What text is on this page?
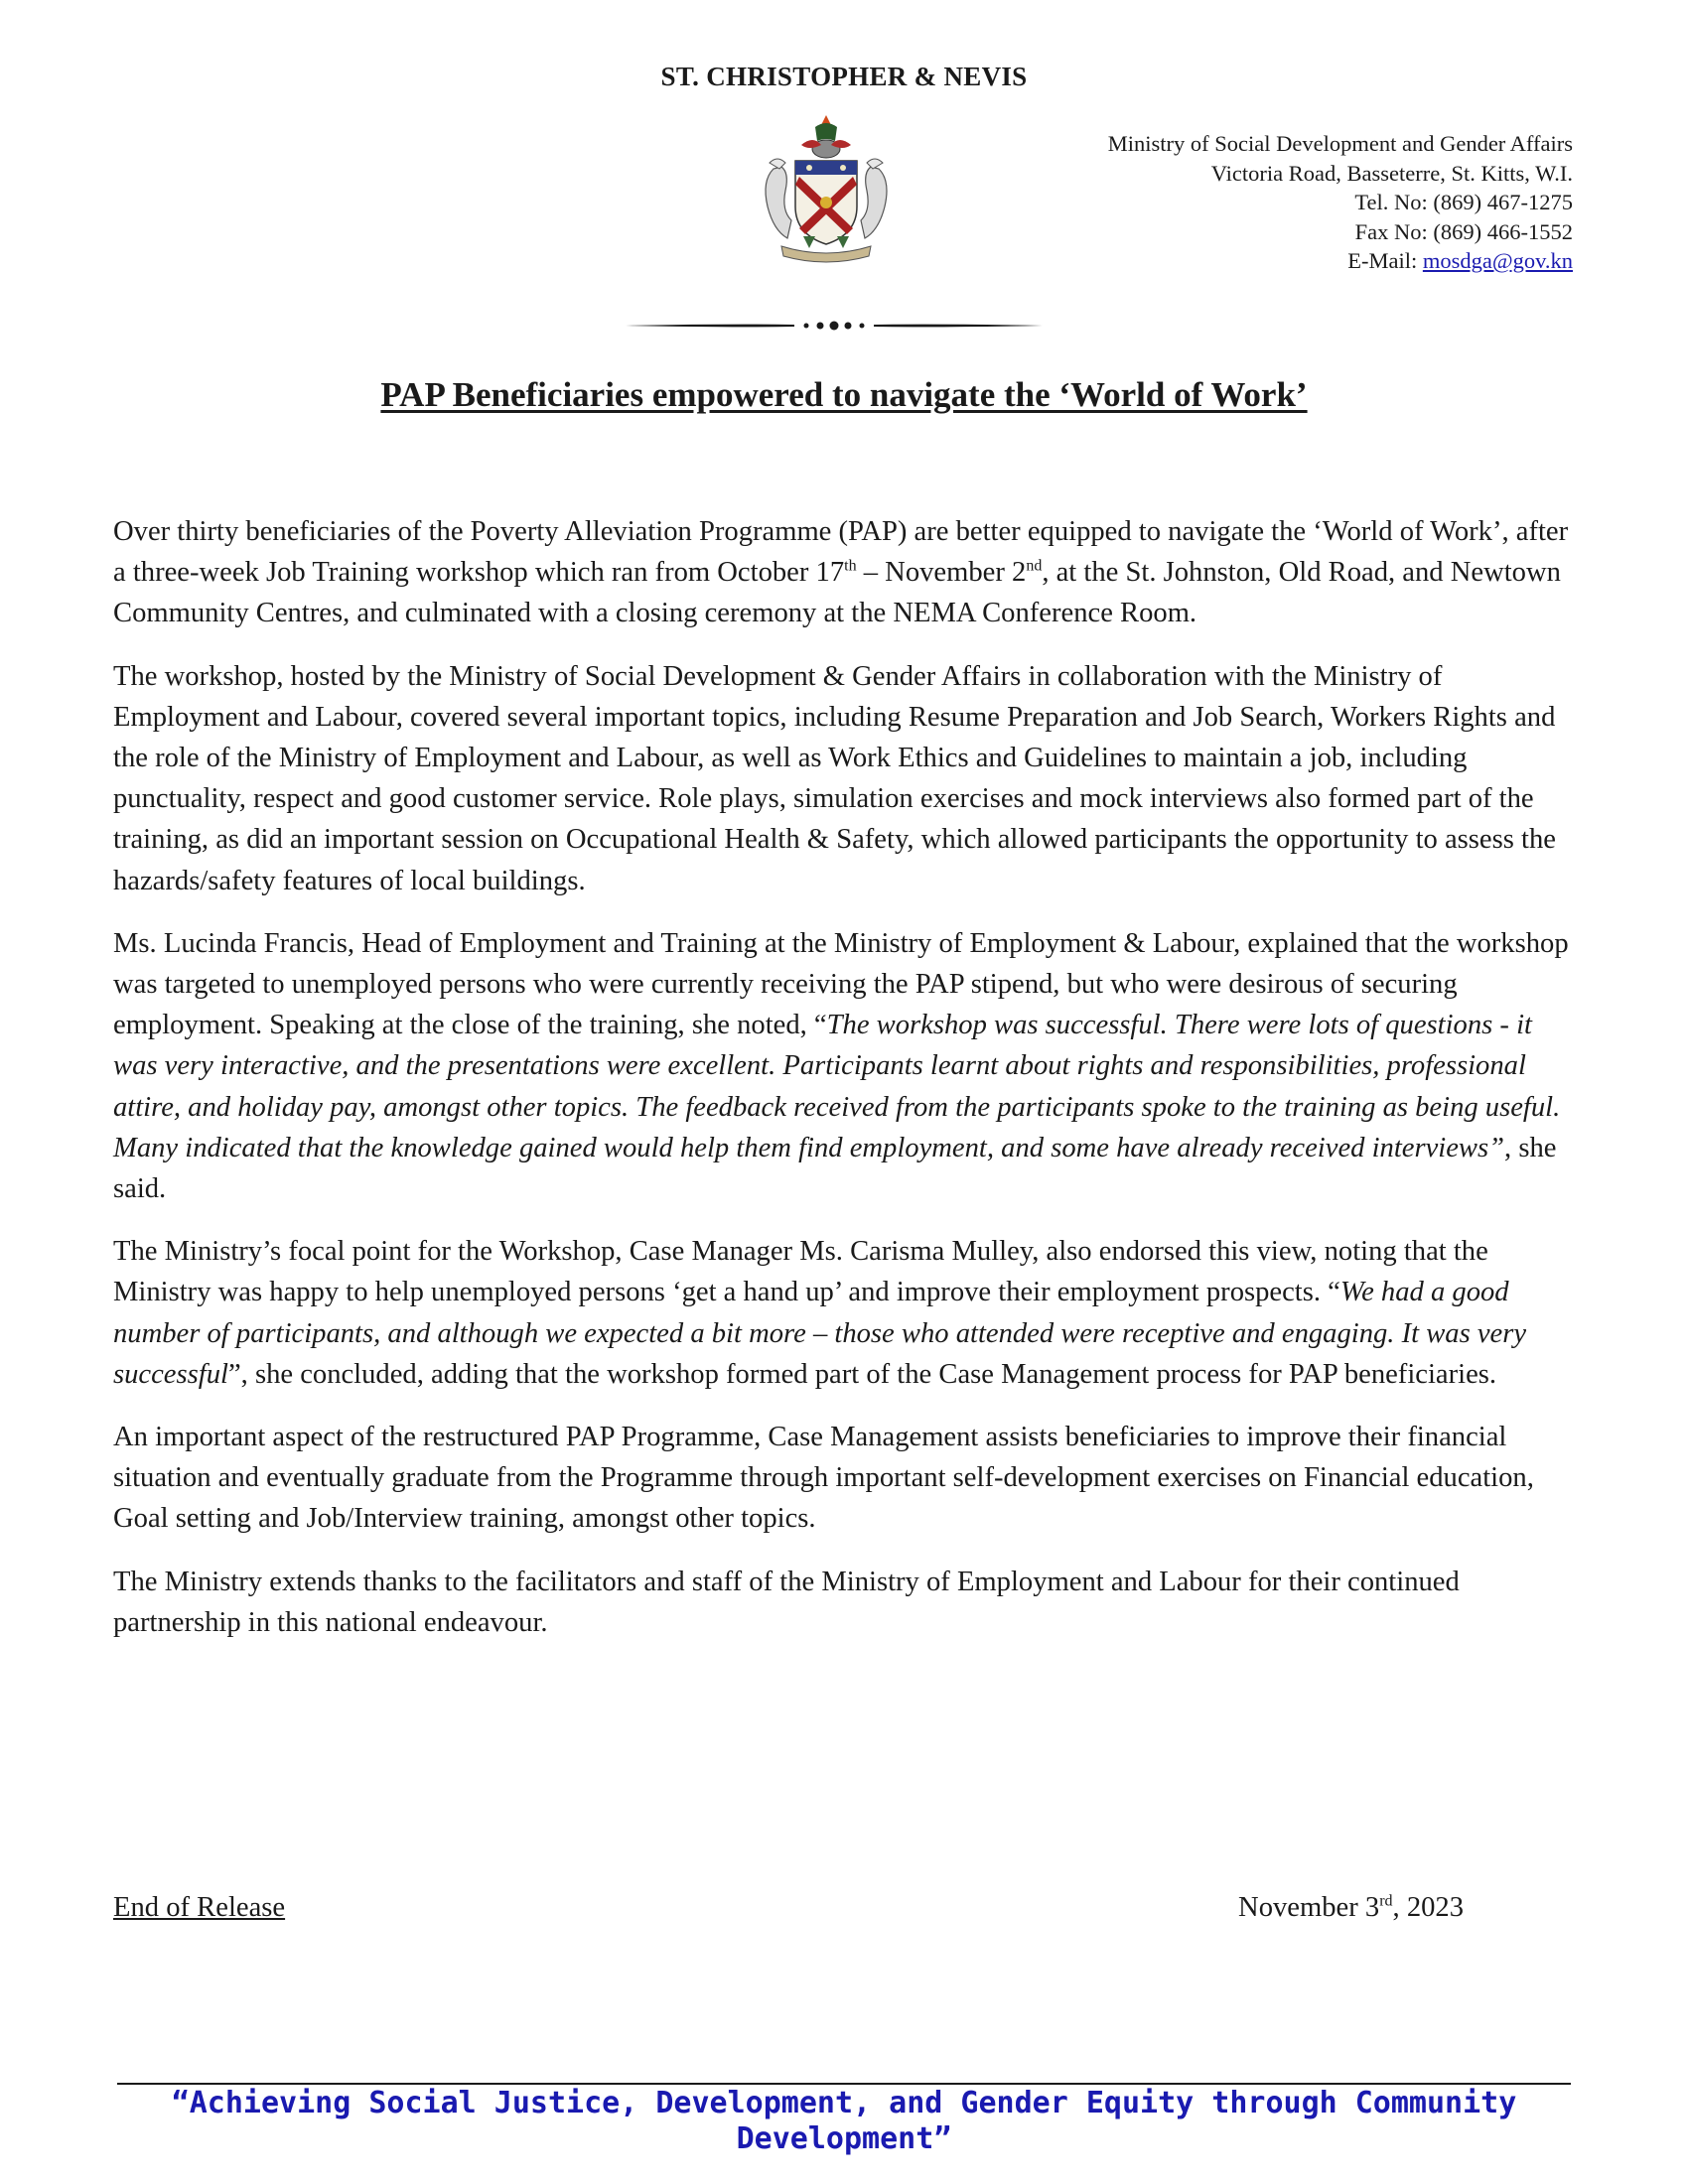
ST. CHRISTOPHER & NEVIS
Ministry of Social Development and Gender Affairs
Victoria Road, Basseterre, St. Kitts, W.I.
Tel. No: (869) 467-1275
Fax No: (869) 466-1552
E-Mail: mosdga@gov.kn
PAP Beneficiaries empowered to navigate the ‘World of Work’

Over thirty beneficiaries of the Poverty Alleviation Programme (PAP) are better equipped to navigate the ‘World of Work’, after a three-week Job Training workshop which ran from October 17th – November 2nd, at the St. Johnston, Old Road, and Newtown Community Centres, and culminated with a closing ceremony at the NEMA Conference Room.

The workshop, hosted by the Ministry of Social Development & Gender Affairs in collaboration with the Ministry of Employment and Labour, covered several important topics, including Resume Preparation and Job Search, Workers Rights and the role of the Ministry of Employment and Labour, as well as Work Ethics and Guidelines to maintain a job, including punctuality, respect and good customer service. Role plays, simulation exercises and mock interviews also formed part of the training, as did an important session on Occupational Health & Safety, which allowed participants the opportunity to assess the hazards/safety features of local buildings.

Ms. Lucinda Francis, Head of Employment and Training at the Ministry of Employment & Labour, explained that the workshop was targeted to unemployed persons who were currently receiving the PAP stipend, but who were desirous of securing employment. Speaking at the close of the training, she noted, “The workshop was successful. There were lots of questions - it was very interactive, and the presentations were excellent. Participants learnt about rights and responsibilities, professional attire, and holiday pay, amongst other topics. The feedback received from the participants spoke to the training as being useful. Many indicated that the knowledge gained would help them find employment, and some have already received interviews”, she said.

The Ministry’s focal point for the Workshop, Case Manager Ms. Carisma Mulley, also endorsed this view, noting that the Ministry was happy to help unemployed persons ‘get a hand up’ and improve their employment prospects. “We had a good number of participants, and although we expected a bit more – those who attended were receptive and engaging. It was very successful”, she concluded, adding that the workshop formed part of the Case Management process for PAP beneficiaries.

An important aspect of the restructured PAP Programme, Case Management assists beneficiaries to improve their financial situation and eventually graduate from the Programme through important self-development exercises on Financial education, Goal setting and Job/Interview training, amongst other topics.

The Ministry extends thanks to the facilitators and staff of the Ministry of Employment and Labour for their continued partnership in this national endeavour.

End of Release	November 3rd, 2023
“Achieving Social Justice, Development, and Gender Equity through Community Development”
